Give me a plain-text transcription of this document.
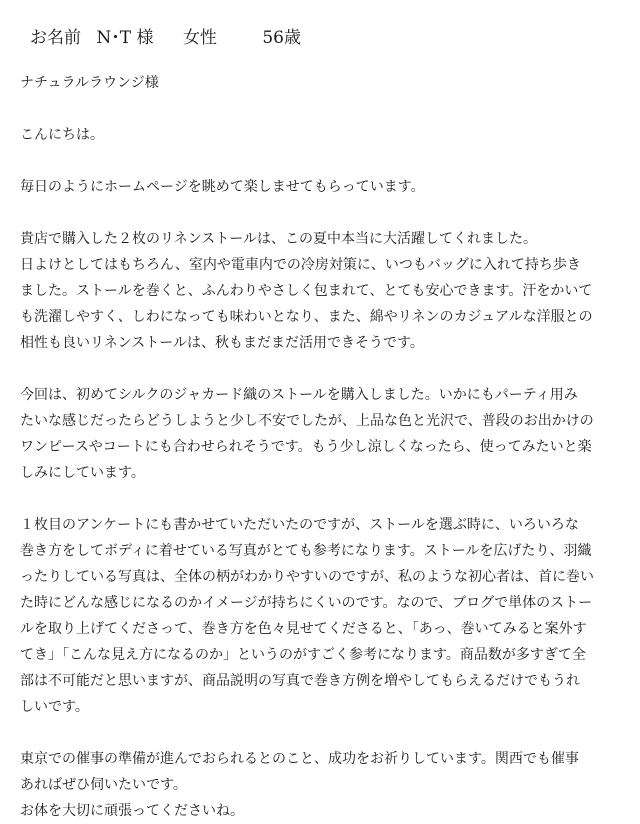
お名前 N･T 様 女性	56歳
ナチュラルラウンジ様
こんにちは。
毎日のようにホームページを眺めて楽しませてもらっています。
貴店で購入した２枚のリネンストールは、この夏中本当に大活躍してくれました。
日よけとしてはもちろん、室内や電車内での冷房対策に、いつもバッグに入れて持ち歩き
ました。ストールを巻くと、ふんわりやさしく包まれて、とても安心できます。汗をかいて
も洗濯しやすく、しわになっても味わいとなり、また、綿やリネンのカジュアルな洋服との
相性も良いリネンストールは、秋もまだまだ活用できそうです。
今回は、初めてシルクのジャカード織のストールを購入しました。いかにもパーティ用み
たいな感じだったらどうしようと少し不安でしたが、上品な色と光沢で、普段のお出かけの
ワンピースやコートにも合わせられそうです。もう少し涼しくなったら、使ってみたいと楽
しみにしています。
１枚目のアンケートにも書かせていただいたのですが、ストールを選ぶ時に、いろいろな
巻き方をしてボディに着せている写真がとても参考になります。ストールを広げたり、羽織
ったりしている写真は、全体の柄がわかりやすいのですが、私のような初心者は、首に巻い
た時にどんな感じになるのかイメージが持ちにくいのです。なので、ブログで単体のストー
ルを取り上げてくださって、巻き方を色々見せてくださると、「あっ、巻いてみると案外す
てき」「こんな見え方になるのか」というのがすごく参考になります。商品数が多すぎて全
部は不可能だと思いますが、商品説明の写真で巻き方例を増やしてもらえるだけでもうれ
しいです。
東京での催事の準備が進んでおられるとのこと、成功をお祈りしています。関西でも催事
あればぜひ伺いたいです。
お体を大切に頑張ってくださいね。
